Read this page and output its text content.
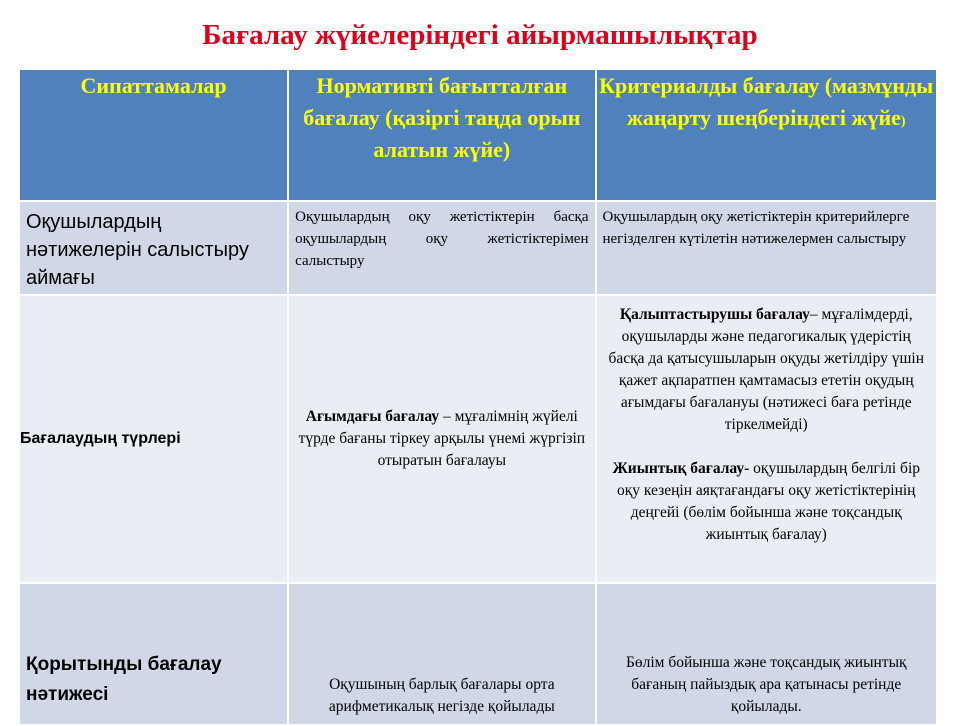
Бағалау жүйелеріндегі айырмашылықтар
Сипаттамалар	Нормативті бағытталған бағалау (қазіргі таңда орын алатын жүйе)	Критериалды бағалау (мазмұнды жаңарту шеңберіндегі жүйе)

Оқушылардың нәтижелерін салыстыру аймағы	Оқушылардың оқу жетістіктерін басқа оқушылардың оқу жетістіктерімен салыстыру	Оқушылардың оқу жетістіктерін критерийлерге негізделген күтілетін нәтижелермен салыстыру

Бағалаудың түрлері	Ағымдағы бағалау – мұғалімнің жүйелі түрде бағаны тіркеу арқылы үнемі жүргізіп отыратын бағалауы	Қалыптастырушы бағалау– мұғалімдерді, оқушыларды және педагогикалық үдерістің басқа да қатысушыларын оқуды жетілдіру үшін қажет ақпаратпен қамтамасыз ететін оқудың ағымдағы бағалануы (нәтижесі баға ретінде тіркелмейді)
Жиынтық бағалау- оқушылардың белгілі бір оқу кезеңін аяқтағандағы оқу жетістіктерінің деңгейі (бөлім бойынша және тоқсандық жиынтық бағалау)

Қорытынды бағалау нәтижесі	Оқушының барлық бағалары орта арифметикалық негізде қойылады	Бөлім бойынша және тоқсандық жиынтық бағаның пайыздық ара қатынасы ретінде қойылады.
